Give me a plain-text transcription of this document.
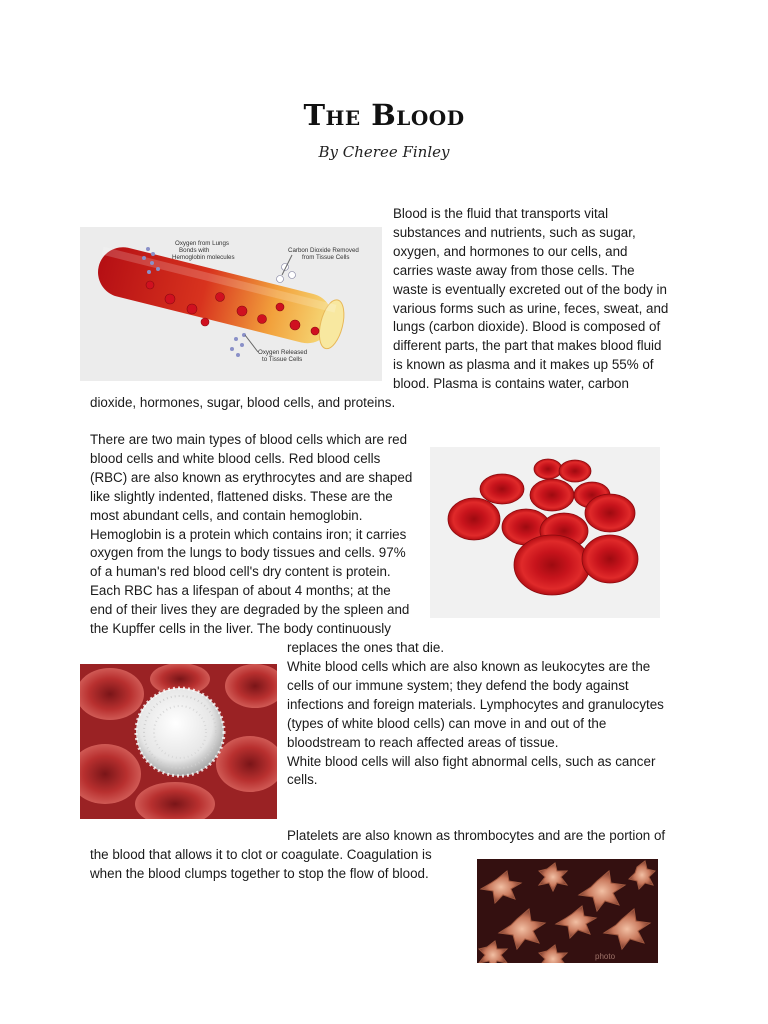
The Blood
By Cheree Finley
Oxygen from Lungs Bonds with Hemoglobin molecules
Carbon Dioxide Removed from Tissue Cells
Oxygen Released to Tissue Cells

Blood is the fluid that transports vital

substances and nutrients, such as sugar,

oxygen, and hormones to our cells, and

carries waste away from those cells. The

waste is eventually excreted out of the body in

various forms such as urine, feces, sweat, and

lungs (carbon dioxide). Blood is composed of

different parts, the part that makes blood fluid

is known as plasma and it makes up 55% of

blood. Plasma is contains water, carbon

dioxide, hormones, sugar, blood cells, and proteins.

There are two main types of blood cells which are red

blood cells and white blood cells. Red blood cells

(RBC) are also known as erythrocytes and are shaped

like slightly indented, flattened disks. These are the

most abundant cells, and contain hemoglobin.

Hemoglobin is a protein which contains iron; it carries

oxygen from the lungs to body tissues and cells. 97%

of a human's red blood cell's dry content is protein.

Each RBC has a lifespan of about 4 months; at the

end of their lives they are degraded by the spleen and

the Kupffer cells in the liver. The body continuously

replaces the ones that die.

White blood cells which are also known as leukocytes are the

cells of our immune system; they defend the body against

infections and foreign materials. Lymphocytes and granulocytes

(types of white blood cells) can move in and out of the

bloodstream to reach affected areas of tissue.

White blood cells will also fight abnormal cells, such as cancer

cells.

Platelets are also known as thrombocytes and are the portion of

the blood that allows it to clot or coagulate. Coagulation is

when the blood clumps together to stop the flow of blood.

photo
